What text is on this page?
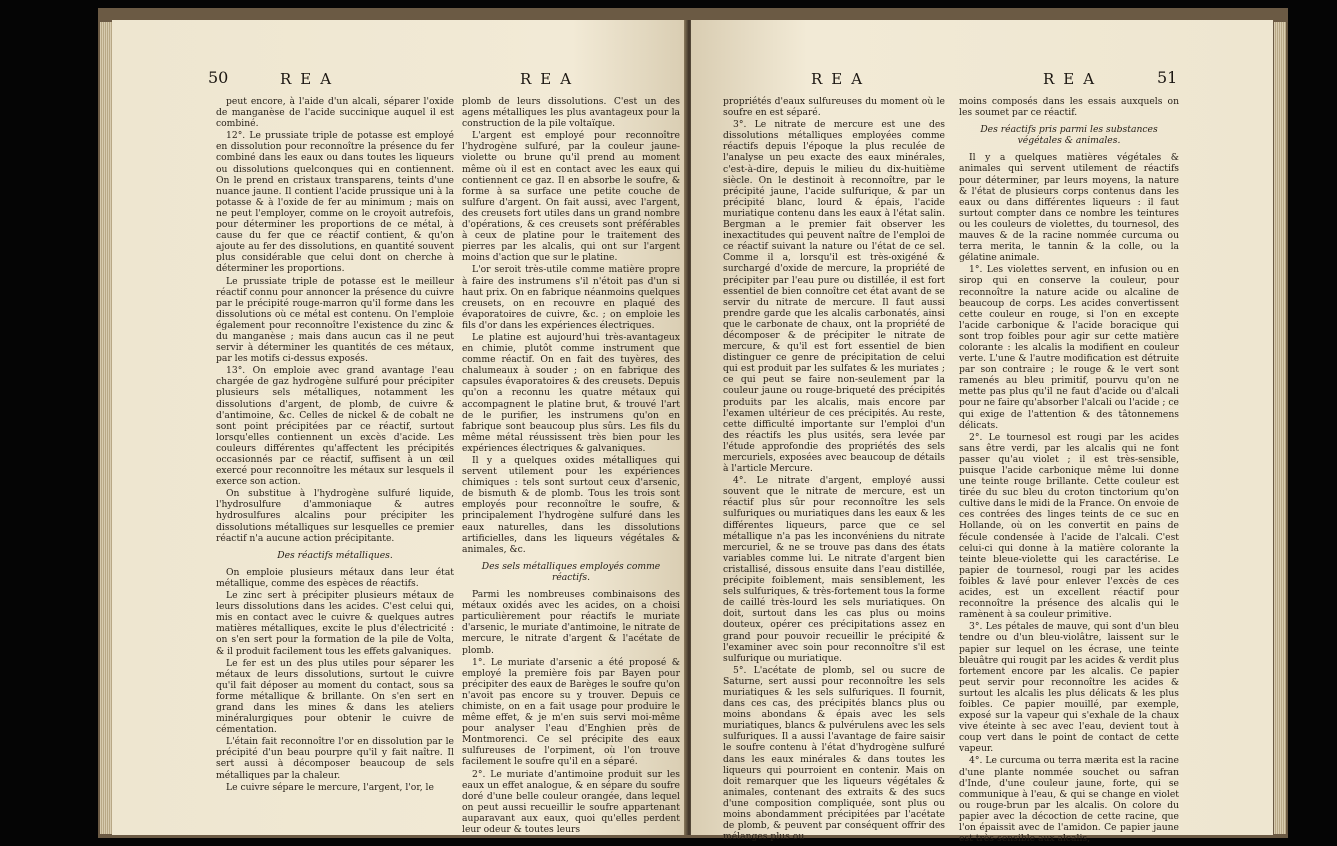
50	REA	REA

peut encore, à l'aide d'un alcali, séparer l'oxide de manganèse de l'acide succinique auquel il est combiné.

12°. Le prussiate triple de potasse est employé en dissolution pour reconnoître la présence du fer combiné dans les eaux ou dans toutes les liqueurs ou dissolutions quelconques qui en contiennent. On le prend en cristaux transparens, teints d'une nuance jaune. Il contient l'acide prussique uni à la potasse & à l'oxide de fer au minimum ; mais on ne peut l'employer, comme on le croyoit autrefois, pour déterminer les proportions de ce métal, à cause du fer que ce réactif contient, & qu'on ajoute au fer des dissolutions, en quantité souvent plus considérable que celui dont on cherche à déterminer les proportions.

Le prussiate triple de potasse est le meilleur réactif connu pour annoncer la présence du cuivre par le précipité rouge-marron qu'il forme dans les dissolutions où ce métal est contenu. On l'emploie également pour reconnoître l'existence du zinc & du manganèse ; mais dans aucun cas il ne peut servir à déterminer les quantités de ces métaux, par les motifs ci-dessus exposés.

13°. On emploie avec grand avantage l'eau chargée de gaz hydrogène sulfuré pour précipiter plusieurs sels métalliques, notamment les dissolutions d'argent, de plomb, de cuivre & d'antimoine, &c. Celles de nickel & de cobalt ne sont point précipitées par ce réactif, surtout lorsqu'elles contiennent un excès d'acide. Les couleurs différentes qu'affectent les précipités occasionnés par ce réactif, suffisent à un œil exercé pour reconnoître les métaux sur lesquels il exerce son action.

On substitue à l'hydrogène sulfuré liquide, l'hydrosulfure d'ammoniaque & autres hydrosulfures alcalins pour précipiter les dissolutions métalliques sur lesquelles ce premier réactif n'a aucune action précipitante.

Des réactifs métalliques.

On emploie plusieurs métaux dans leur état métallique, comme des espèces de réactifs.

Le zinc sert à précipiter plusieurs métaux de leurs dissolutions dans les acides. C'est celui qui, mis en contact avec le cuivre & quelques autres matières métalliques, excite le plus d'électricité : on s'en sert pour la formation de la pile de Volta, & il produit facilement tous les effets galvaniques.

Le fer est un des plus utiles pour séparer les métaux de leurs dissolutions, surtout le cuivre qu'il fait déposer au moment du contact, sous sa forme métallique & brillante. On s'en sert en grand dans les mines & dans les ateliers minéralurgiques pour obtenir le cuivre de cémentation.

L'étain fait reconnoître l'or en dissolution par le précipité d'un beau pourpre qu'il y fait naître. Il sert aussi à décomposer beaucoup de sels métalliques par la chaleur.

Le cuivre sépare le mercure, l'argent, l'or, le

plomb de leurs dissolutions. C'est un des agens métalliques les plus avantageux pour la construction de la pile voltaïque.

L'argent est employé pour reconnoître l'hydrogène sulfuré, par la couleur jaune-violette ou brune qu'il prend au moment même où il est en contact avec les eaux qui contiennent ce gaz. Il en absorbe le soufre, & forme à sa surface une petite couche de sulfure d'argent. On fait aussi, avec l'argent, des creusets fort utiles dans un grand nombre d'opérations, & ces creusets sont préférables à ceux de platine pour le traitement des pierres par les alcalis, qui ont sur l'argent moins d'action que sur le platine.

L'or seroit très-utile comme matière propre à faire des instrumens s'il n'étoit pas d'un si haut prix. On en fabrique néanmoins quelques creusets, on en recouvre en plaqué des évaporatoires de cuivre, &c. ; on emploie les fils d'or dans les expériences électriques.

Le platine est aujourd'hui très-avantageux en chimie, plutôt comme instrument que comme réactif. On en fait des tuyères, des chalumeaux à souder ; on en fabrique des capsules évaporatoires & des creusets. Depuis qu'on a reconnu les quatre métaux qui accompagnent le platine brut, & trouvé l'art de le purifier, les instrumens qu'on en fabrique sont beaucoup plus sûrs. Les fils du même métal réussissent très bien pour les expériences électriques & galvaniques.

Il y a quelques oxides métalliques qui servent utilement pour les expériences chimiques : tels sont surtout ceux d'arsenic, de bismuth & de plomb. Tous les trois sont employés pour reconnoître le soufre, & principalement l'hydrogène sulfuré dans les eaux naturelles, dans les dissolutions artificielles, dans les liqueurs végétales & animales, &c.

Des sels métalliques employés comme réactifs.

Parmi les nombreuses combinaisons des métaux oxidés avec les acides, on a choisi particulièrement pour réactifs le muriate d'arsenic, le muriate d'antimoine, le nitrate de mercure, le nitrate d'argent & l'acétate de plomb.

1°. Le muriate d'arsenic a été proposé & employé la première fois par Bayen pour précipiter des eaux de Barèges le soufre qu'on n'avoit pas encore su y trouver. Depuis ce chimiste, on en a fait usage pour produire le même effet, & je m'en suis servi moi-même pour analyser l'eau d'Enghien près de Montmorenci. Ce sel précipite des eaux sulfureuses de l'orpiment, où l'on trouve facilement le soufre qu'il en a séparé.

2°. Le muriate d'antimoine produit sur les eaux un effet analogue, & en sépare du soufre doré d'une belle couleur orangée, dans lequel on peut aussi recueillir le soufre appartenant auparavant aux eaux, quoi qu'elles perdent leur odeur & toutes leurs

REA	REA	51

propriétés d'eaux sulfureuses du moment où le soufre en est séparé.

3°. Le nitrate de mercure est une des dissolutions métalliques employées comme réactifs depuis l'époque la plus reculée de l'analyse un peu exacte des eaux minérales, c'est-à-dire, depuis le milieu du dix-huitième siècle. On le destinoit à reconnoître, par le précipité jaune, l'acide sulfurique, & par un précipité blanc, lourd & épais, l'acide muriatique contenu dans les eaux à l'état salin. Bergman a le premier fait observer les inexactitudes qui peuvent naître de l'emploi de ce réactif suivant la nature ou l'état de ce sel. Comme il a, lorsqu'il est très-oxigéné & surchargé d'oxide de mercure, la propriété de précipiter par l'eau pure ou distillée, il est fort essentiel de bien connoître cet état avant de se servir du nitrate de mercure. Il faut aussi prendre garde que les alcalis carbonatés, ainsi que le carbonate de chaux, ont la propriété de décomposer & de précipiter le nitrate de mercure, & qu'il est fort essentiel de bien distinguer ce genre de précipitation de celui qui est produit par les sulfates & les muriates ; ce qui peut se faire non-seulement par la couleur jaune ou rouge-briqueté des précipités produits par les alcalis, mais encore par l'examen ultérieur de ces précipités. Au reste, cette difficulté importante sur l'emploi d'un des réactifs les plus usités, sera levée par l'étude approfondie des propriétés des sels mercuriels, exposées avec beaucoup de détails à l'article Mercure.

4°. Le nitrate d'argent, employé aussi souvent que le nitrate de mercure, est un réactif plus sûr pour reconnoître les sels sulfuriques ou muriatiques dans les eaux & les différentes liqueurs, parce que ce sel métallique n'a pas les inconvéniens du nitrate mercuriel, & ne se trouve pas dans des états variables comme lui. Le nitrate d'argent bien cristallisé, dissous ensuite dans l'eau distillée, précipite foiblement, mais sensiblement, les sels sulfuriques, & très-fortement tous la forme de caillé très-lourd les sels muriatiques. On doit, surtout dans les cas plus ou moins douteux, opérer ces précipitations assez en grand pour pouvoir recueillir le précipité & l'examiner avec soin pour reconnoître s'il est sulfurique ou muriatique.

5°. L'acétate de plomb, sel ou sucre de Saturne, sert aussi pour reconnoître les sels muriatiques & les sels sulfuriques. Il fournit, dans ces cas, des précipités blancs plus ou moins abondans & épais avec les sels muriatiques, blancs & pulvérulens avec les sels sulfuriques. Il a aussi l'avantage de faire saisir le soufre contenu à l'état d'hydrogène sulfuré dans les eaux minérales & dans toutes les liqueurs qui pourroient en contenir. Mais on doit remarquer que les liqueurs végétales & animales, contenant des extraits & des sucs d'une composition compliquée, sont plus ou moins abondamment précipitées par l'acétate de plomb, & peuvent par conséquent offrir des mélanges plus ou

moins composés dans les essais auxquels on les soumet par ce réactif.

Des réactifs pris parmi les substances végétales & animales.

Il y a quelques matières végétales & animales qui servent utilement de réactifs pour déterminer, par leurs moyens, la nature & l'état de plusieurs corps contenus dans les eaux ou dans différentes liqueurs : il faut surtout compter dans ce nombre les teintures ou les couleurs de violettes, du tournesol, des mauves & de la racine nommée curcuma ou terra merita, le tannin & la colle, ou la gélatine animale.

1°. Les violettes servent, en infusion ou en sirop qui en conserve la couleur, pour reconnoître la nature acide ou alcaline de beaucoup de corps. Les acides convertissent cette couleur en rouge, si l'on en excepte l'acide carbonique & l'acide boracique qui sont trop foibles pour agir sur cette matière colorante : les alcalis la modifient en couleur verte. L'une & l'autre modification est détruite par son contraire ; le rouge & le vert sont ramenés au bleu primitif, pourvu qu'on ne mette pas plus qu'il ne faut d'acide ou d'alcali pour ne faire qu'absorber l'alcali ou l'acide ; ce qui exige de l'attention & des tâtonnemens délicats.

2°. Le tournesol est rougi par les acides sans être verdi, par les alcalis qui ne font passer qu'au violet ; il est très-sensible, puisque l'acide carbonique même lui donne une teinte rouge brillante. Cette couleur est tirée du suc bleu du croton tinctorium qu'on cultive dans le midi de la France. On envoie de ces contrées des linges teints de ce suc en Hollande, où on les convertit en pains de fécule condensée à l'acide de l'alcali. C'est celui-ci qui donne à la matière colorante la teinte bleue-violette qui les caractérise. Le papier de tournesol, rougi par les acides foibles & lavé pour enlever l'excès de ces acides, est un excellent réactif pour reconnoître la présence des alcalis qui le ramènent à sa couleur primitive.

3°. Les pétales de mauve, qui sont d'un bleu tendre ou d'un bleu-violâtre, laissent sur le papier sur lequel on les écrase, une teinte bleuâtre qui rougit par les acides & verdit plus fortement encore par les alcalis. Ce papier peut servir pour reconnoître les acides & surtout les alcalis les plus délicats & les plus foibles. Ce papier mouillé, par exemple, exposé sur la vapeur qui s'exhale de la chaux vive éteinte à sec avec l'eau, devient tout à coup vert dans le point de contact de cette vapeur.

4°. Le curcuma ou terra mærita est la racine d'une plante nommée souchet ou safran d'Inde, d'une couleur jaune, forte, qui se communique à l'eau, & qui se change en violet ou rouge-brun par les alcalis. On colore du papier avec la décoction de cette racine, que l'on épaissit avec de l'amidon. Ce papier jaune est très-sensible aux alcalis,
